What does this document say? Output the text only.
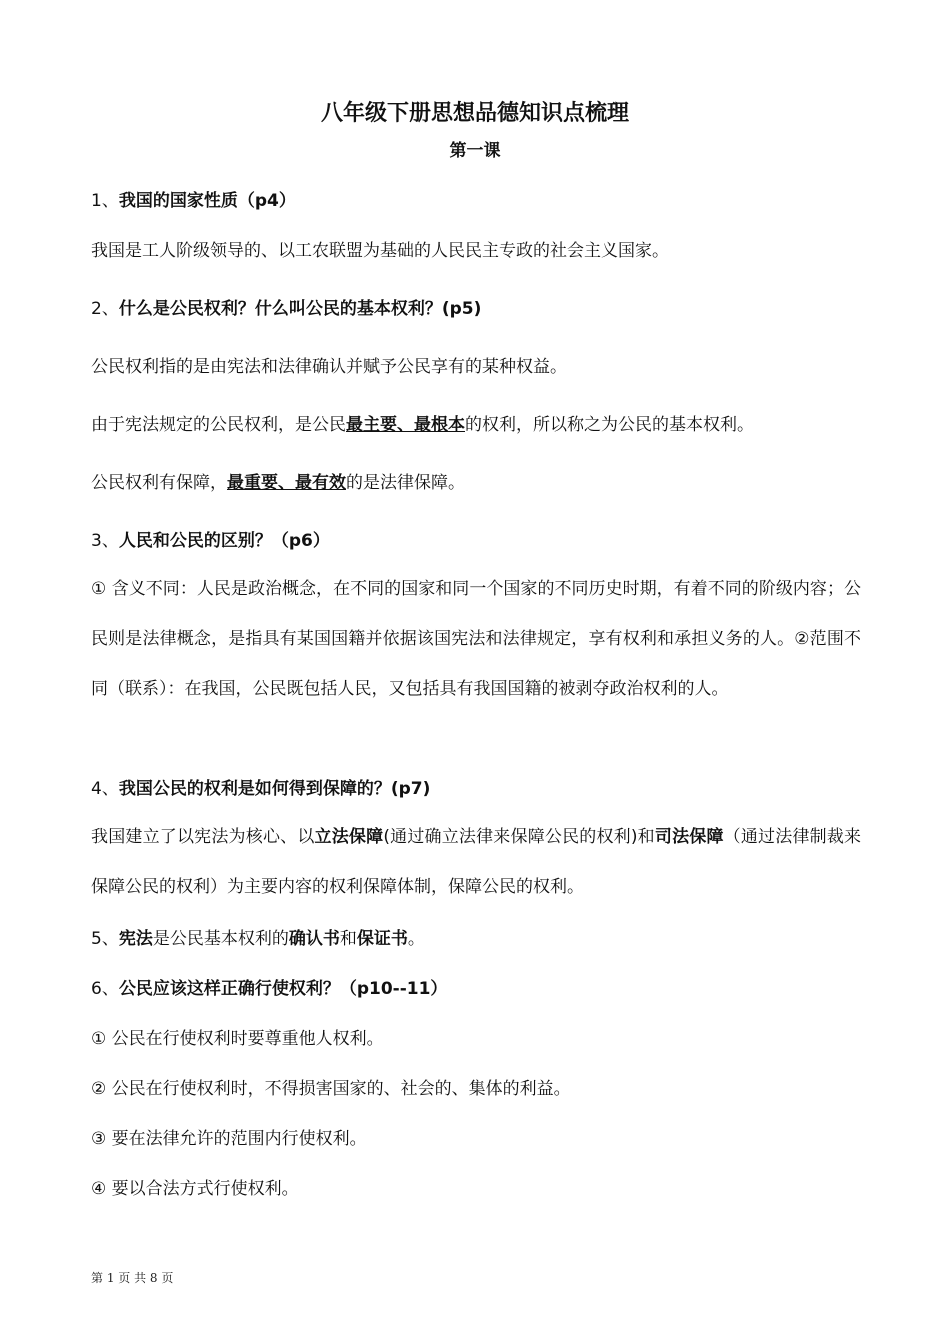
八年级下册思想品德知识点梳理
第一课
1、我国的国家性质（p4）
我国是工人阶级领导的、以工农联盟为基础的人民民主专政的社会主义国家。
2、什么是公民权利？什么叫公民的基本权利？(p5)
公民权利指的是由宪法和法律确认并赋予公民享有的某种权益。
由于宪法规定的公民权利，是公民最主要、最根本的权利，所以称之为公民的基本权利。
公民权利有保障，最重要、最有效的是法律保障。
3、人民和公民的区别？（p6）
① 含义不同：人民是政治概念，在不同的国家和同一个国家的不同历史时期，有着不同的阶级内容；公民则是法律概念，是指具有某国国籍并依据该国宪法和法律规定，享有权利和承担义务的人。②范围不同（联系）：在我国，公民既包括人民，又包括具有我国国籍的被剥夺政治权利的人。
4、我国公民的权利是如何得到保障的？(p7)
我国建立了以宪法为核心、以立法保障(通过确立法律来保障公民的权利)和司法保障（通过法律制裁来保障公民的权利）为主要内容的权利保障体制，保障公民的权利。
5、宪法是公民基本权利的确认书和保证书。
6、公民应该这样正确行使权利？（p10--11）
① 公民在行使权利时要尊重他人权利。
② 公民在行使权利时，不得损害国家的、社会的、集体的利益。
③ 要在法律允许的范围内行使权利。
④ 要以合法方式行使权利。
第 1 页 共 8 页
